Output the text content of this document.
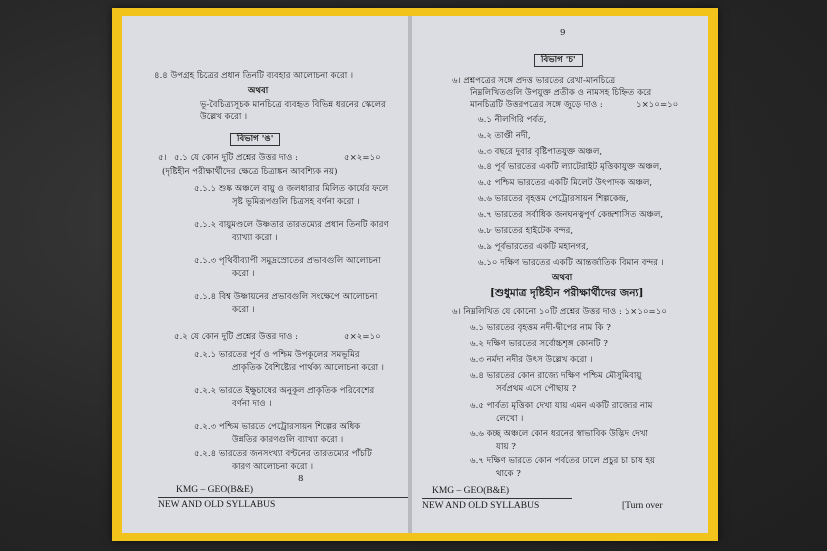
৪.৪ উপগ্রহ চিত্রের প্রধান তিনটি ব্যবহার আলোচনা করো ।
অথবা
ভূ-বৈচিত্র্যসূচক মানচিত্রে ব্যবহৃত বিভিন্ন ধরনের স্কেলের
উল্লেখ করো ।
বিভাগ 'ঙ'
৫। ৫.১ যে কোন দুটি প্রশ্নের উত্তর দাও :	৫×২=১০
(দৃষ্টিহীন পরীক্ষার্থীদের ক্ষেত্রে চিত্রাঙ্কন আবশ্যিক নয়)
৫.১.১ শুষ্ক অঞ্চলে বায়ু ও জলধারার মিলিত কার্যের ফলে
সৃষ্ট ভূমিরূপগুলি চিত্রসহ বর্ণনা করো ।
৫.১.২ বায়ুমণ্ডলে উষ্ণতার তারতম্যের প্রধান তিনটি কারণ
ব্যাখ্যা করো ।
৫.১.৩ পৃথিবীব্যাপী সমুদ্রস্রোতের প্রভাবগুলি আলোচনা
করো ।
৫.১.৪ বিশ্ব উষ্ণায়নের প্রভাবগুলি সংক্ষেপে আলোচনা
করো ।
৫.২ যে কোন দুটি প্রশ্নের উত্তর দাও :	৫×২=১০
৫.২.১ ভারতের পূর্ব ও পশ্চিম উপকূলের সমভূমির
প্রাকৃতিক বৈশিষ্ট্যের পার্থক্য আলোচনা করো ।
৫.২.২ ভারতে ইক্ষুচাষের অনুকূল প্রাকৃতিক পরিবেশের
বর্ণনা দাও ।
৫.২.৩ পশ্চিম ভারতে পেট্রোরসায়ন শিল্পের অধিক
উন্নতির কারণগুলি ব্যাখ্যা করো ।
৫.২.৪ ভারতের জনসংখ্যা বণ্টনের তারতম্যের পাঁচটি
কারণ আলোচনা করো ।
8
KMG – GEO(B&E)
NEW AND OLD SYLLABUS
9
বিভাগ 'চ'
৬। প্রশ্নপত্রের সঙ্গে প্রদত্ত ভারতের রেখা-মানচিত্রে
নিম্নলিখিতগুলি উপযুক্ত প্রতীক ও নামসহ চিহ্নিত করে
মানচিত্রটি উত্তরপত্রের সঙ্গে জুড়ে দাও :	১×১০=১০
৬.১ নীলগিরি পর্বত,
৬.২ তাপ্তী নদী,
৬.৩ বছরে দুবার বৃষ্টিপাতযুক্ত অঞ্চল,
৬.৪ পূর্ব ভারতের একটি ল্যাটেরাইট মৃত্তিকাযুক্ত অঞ্চল,
৬.৫ পশ্চিম ভারতের একটি মিলেট উৎপাদক অঞ্চল,
৬.৬ ভারতের বৃহত্তম পেট্রোরসায়ন শিল্পকেন্দ্র,
৬.৭ ভারতের সর্বাধিক জনঘনত্বপূর্ণ কেন্দ্রশাসিত অঞ্চল,
৬.৮ ভারতের হাইটেক বন্দর,
৬.৯ পূর্বভারতের একটি মহানগর,
৬.১০ দক্ষিণ ভারতের একটি আন্তর্জাতিক বিমান বন্দর ।
অথবা
[শুধুমাত্র দৃষ্টিহীন পরীক্ষার্থীদের জন্য]
৬। নিম্নলিখিত যে কোনো ১০টি প্রশ্নের উত্তর দাও : ১×১০=১০
৬.১ ভারতের বৃহত্তম নদী-দ্বীপের নাম কি ?
৬.২ দক্ষিণ ভারতের সর্বোচ্চশৃঙ্গ কোনটি ?
৬.৩ নর্মদা নদীর উৎস উল্লেখ করো ।
৬.৪ ভারতের কোন রাজ্যে দক্ষিণ পশ্চিম মৌসুমিবায়ু
সর্বপ্রথম এসে পৌছায় ?
৬.৫ পার্বত্য মৃত্তিকা দেখা যায় এমন একটি রাজ্যের নাম
লেখো ।
৬.৬ কচ্ছ অঞ্চলে কোন ধরনের স্বাভাবিক উদ্ভিদ দেখা
যায় ?
৬.৭ দক্ষিণ ভারতে কোন পর্বতের ঢালে প্রচুর চা চাষ হয়
থাকে ?
KMG – GEO(B&E)
NEW AND OLD SYLLABUS	[Turn over
